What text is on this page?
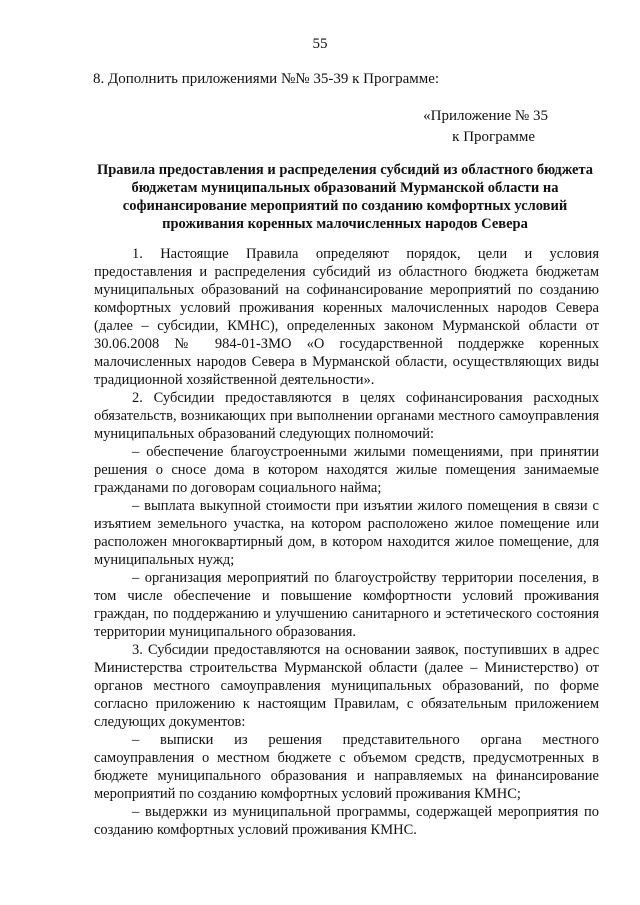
55
8. Дополнить приложениями №№ 35-39 к Программе:
«Приложение № 35

к Программе
Правила предоставления и распределения субсидий из областного бюджета бюджетам муниципальных образований Мурманской области на софинансирование мероприятий по созданию комфортных условий проживания коренных малочисленных народов Севера

1. Настоящие Правила определяют порядок, цели и условия предоставления и распределения субсидий из областного бюджета бюджетам муниципальных образований на софинансирование мероприятий по созданию комфортных условий проживания коренных малочисленных народов Севера (далее – субсидии, КМНС), определенных законом Мурманской области от 30.06.2008 № 984-01-ЗМО «О государственной поддержке коренных малочисленных народов Севера в Мурманской области, осуществляющих виды традиционной хозяйственной деятельности».

2. Субсидии предоставляются в целях софинансирования расходных обязательств, возникающих при выполнении органами местного самоуправления муниципальных образований следующих полномочий:

– обеспечение благоустроенными жилыми помещениями, при принятии решения о сносе дома в котором находятся жилые помещения занимаемые гражданами по договорам социального найма;

– выплата выкупной стоимости при изъятии жилого помещения в связи с изъятием земельного участка, на котором расположено жилое помещение или расположен многоквартирный дом, в котором находится жилое помещение, для муниципальных нужд;

– организация мероприятий по благоустройству территории поселения, в том числе обеспечение и повышение комфортности условий проживания граждан, по поддержанию и улучшению санитарного и эстетического состояния территории муниципального образования.

3. Субсидии предоставляются на основании заявок, поступивших в адрес Министерства строительства Мурманской области (далее – Министерство) от органов местного самоуправления муниципальных образований, по форме согласно приложению к настоящим Правилам, с обязательным приложением следующих документов:

– выписки из решения представительного органа местного самоуправления о местном бюджете с объемом средств, предусмотренных в бюджете муниципального образования и направляемых на финансирование мероприятий по созданию комфортных условий проживания КМНС;

– выдержки из муниципальной программы, содержащей мероприятия по созданию комфортных условий проживания КМНС.
